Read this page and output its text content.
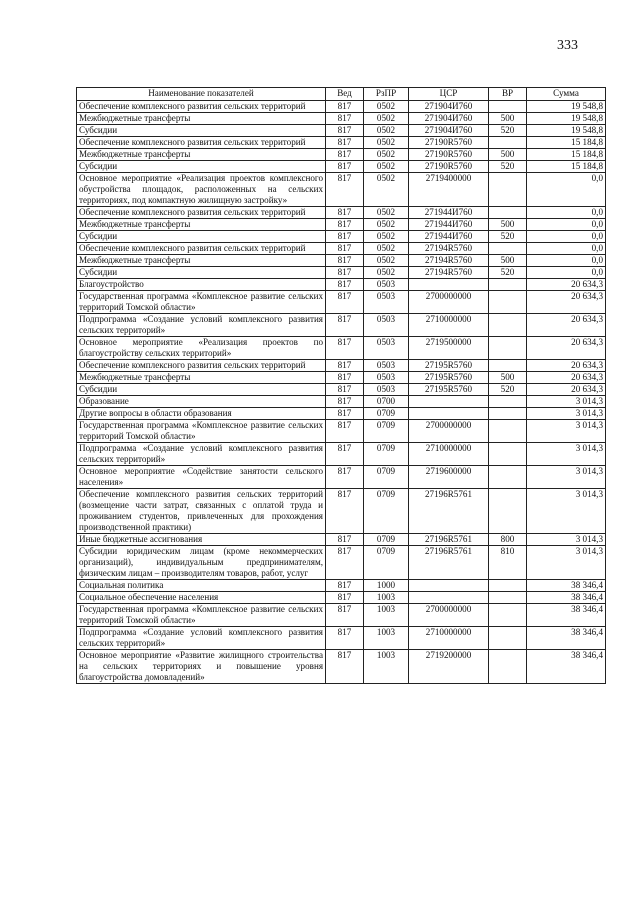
333
Наименование показателей	Вед	РзПР	ЦСР	ВР	Сумма
Обеспечение комплексного развития сельских территорий	817	0502	271904И760		19 548,8
Межбюджетные трансферты	817	0502	271904И760	500	19 548,8
Субсидии	817	0502	271904И760	520	19 548,8
Обеспечение комплексного развития сельских территорий	817	0502	27190R5760		15 184,8
Межбюджетные трансферты	817	0502	27190R5760	500	15 184,8
Субсидии	817	0502	27190R5760	520	15 184,8
Основное мероприятие «Реализация проектов комплексного обустройства площадок, расположенных на сельских территориях, под компактную жилищную застройку»	817	0502	2719400000		0,0
Обеспечение комплексного развития сельских территорий	817	0502	271944И760		0,0
Межбюджетные трансферты	817	0502	271944И760	500	0,0
Субсидии	817	0502	271944И760	520	0,0
Обеспечение комплексного развития сельских территорий	817	0502	27194R5760		0,0
Межбюджетные трансферты	817	0502	27194R5760	500	0,0
Субсидии	817	0502	27194R5760	520	0,0
Благоустройство	817	0503			20 634,3
Государственная программа «Комплексное развитие сельских территорий Томской области»	817	0503	2700000000		20 634,3
Подпрограмма «Создание условий комплексного развития сельских территорий»	817	0503	2710000000		20 634,3
Основное мероприятие «Реализация проектов по благоустройству сельских территорий»	817	0503	2719500000		20 634,3
Обеспечение комплексного развития сельских территорий	817	0503	27195R5760		20 634,3
Межбюджетные трансферты	817	0503	27195R5760	500	20 634,3
Субсидии	817	0503	27195R5760	520	20 634,3
Образование	817	0700			3 014,3
Другие вопросы в области образования	817	0709			3 014,3
Государственная программа «Комплексное развитие сельских территорий Томской области»	817	0709	2700000000		3 014,3
Подпрограмма «Создание условий комплексного развития сельских территорий»	817	0709	2710000000		3 014,3
Основное мероприятие «Содействие занятости сельского населения»	817	0709	2719600000		3 014,3
Обеспечение комплексного развития сельских территорий (возмещение части затрат, связанных с оплатой труда и проживанием студентов, привлеченных для прохождения производственной практики)	817	0709	27196R5761		3 014,3
Иные бюджетные ассигнования	817	0709	27196R5761	800	3 014,3
Субсидии юридическим лицам (кроме некоммерческих организаций), индивидуальным предпринимателям, физическим лицам – производителям товаров, работ, услуг	817	0709	27196R5761	810	3 014,3
Социальная политика	817	1000			38 346,4
Социальное обеспечение населения	817	1003			38 346,4
Государственная программа «Комплексное развитие сельских территорий Томской области»	817	1003	2700000000		38 346,4
Подпрограмма «Создание условий комплексного развития сельских территорий»	817	1003	2710000000		38 346,4
Основное мероприятие «Развитие жилищного строительства на сельских территориях и повышение уровня благоустройства домовладений»	817	1003	2719200000		38 346,4
